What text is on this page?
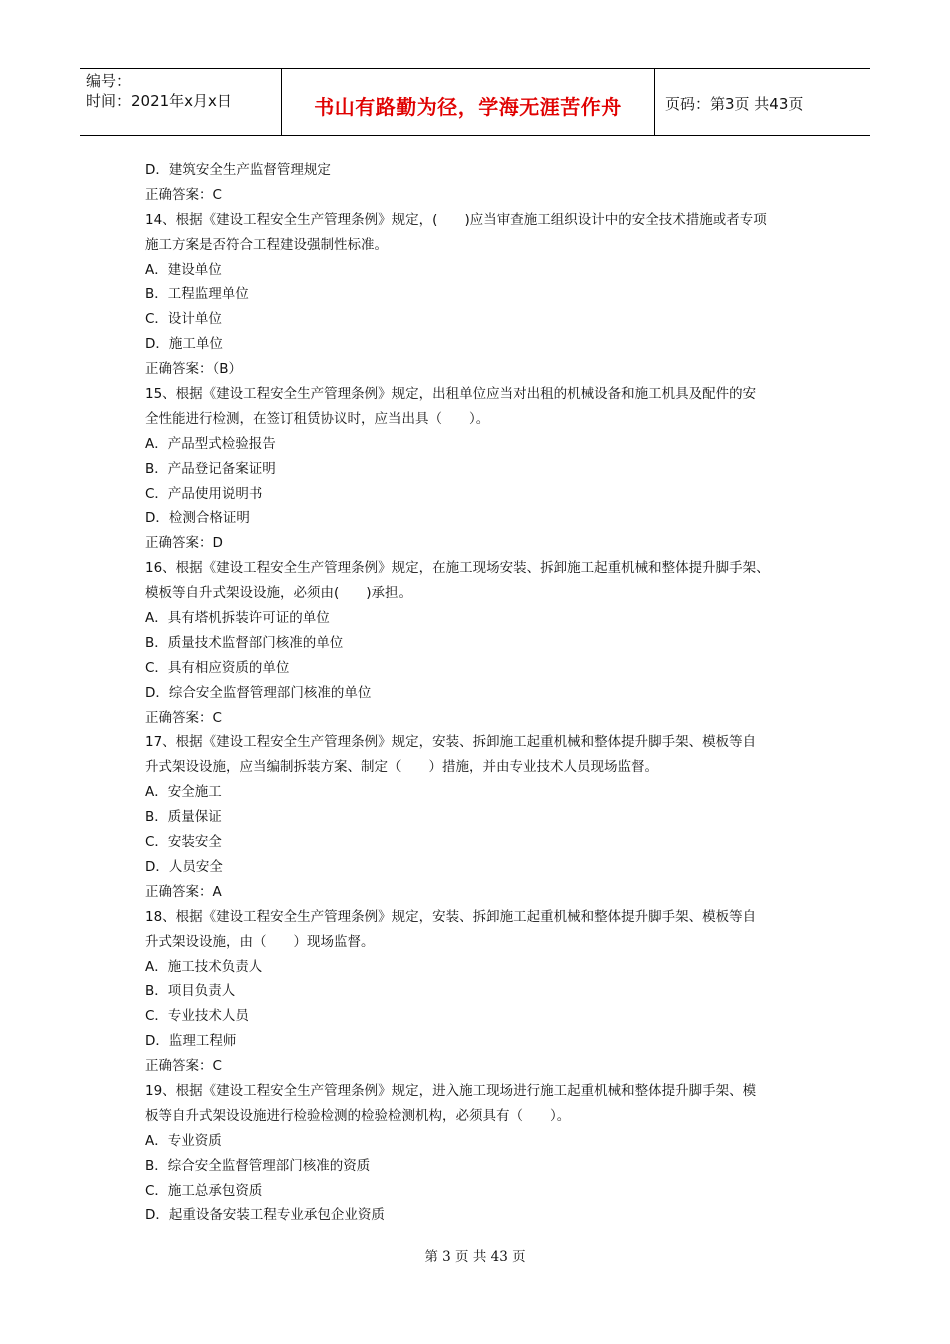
编号：
时间：2021年x月x日	书山有路勤为径，学海无涯苦作舟	页码：第3页 共43页
D．建筑安全生产监督管理规定
正确答案：C
14、根据《建设工程安全生产管理条例》规定，(　　)应当审查施工组织设计中的安全技术措施或者专项
施工方案是否符合工程建设强制性标准。
A．建设单位
B．工程监理单位
C．设计单位
D．施工单位
正确答案：（B）
15、根据《建设工程安全生产管理条例》规定，出租单位应当对出租的机械设备和施工机具及配件的安
全性能进行检测，在签订租赁协议时，应当出具（　　）。
A．产品型式检验报告
B．产品登记备案证明
C．产品使用说明书
D．检测合格证明
正确答案：D
16、根据《建设工程安全生产管理条例》规定，在施工现场安装、拆卸施工起重机械和整体提升脚手架、
模板等自升式架设设施，必须由(　　)承担。
A．具有塔机拆装许可证的单位
B．质量技术监督部门核准的单位
C．具有相应资质的单位
D．综合安全监督管理部门核准的单位
正确答案：C
17、根据《建设工程安全生产管理条例》规定，安装、拆卸施工起重机械和整体提升脚手架、模板等自
升式架设设施，应当编制拆装方案、制定（　　）措施，并由专业技术人员现场监督。
A．安全施工
B．质量保证
C．安装安全
D．人员安全
正确答案：A
18、根据《建设工程安全生产管理条例》规定，安装、拆卸施工起重机械和整体提升脚手架、模板等自
升式架设设施，由（　　）现场监督。
A．施工技术负责人
B．项目负责人
C．专业技术人员
D．监理工程师
正确答案：C
19、根据《建设工程安全生产管理条例》规定，进入施工现场进行施工起重机械和整体提升脚手架、模
板等自升式架设设施进行检验检测的检验检测机构，必须具有（　　）。
A．专业资质
B．综合安全监督管理部门核准的资质
C．施工总承包资质
D．起重设备安装工程专业承包企业资质
第 3 页 共 43 页
